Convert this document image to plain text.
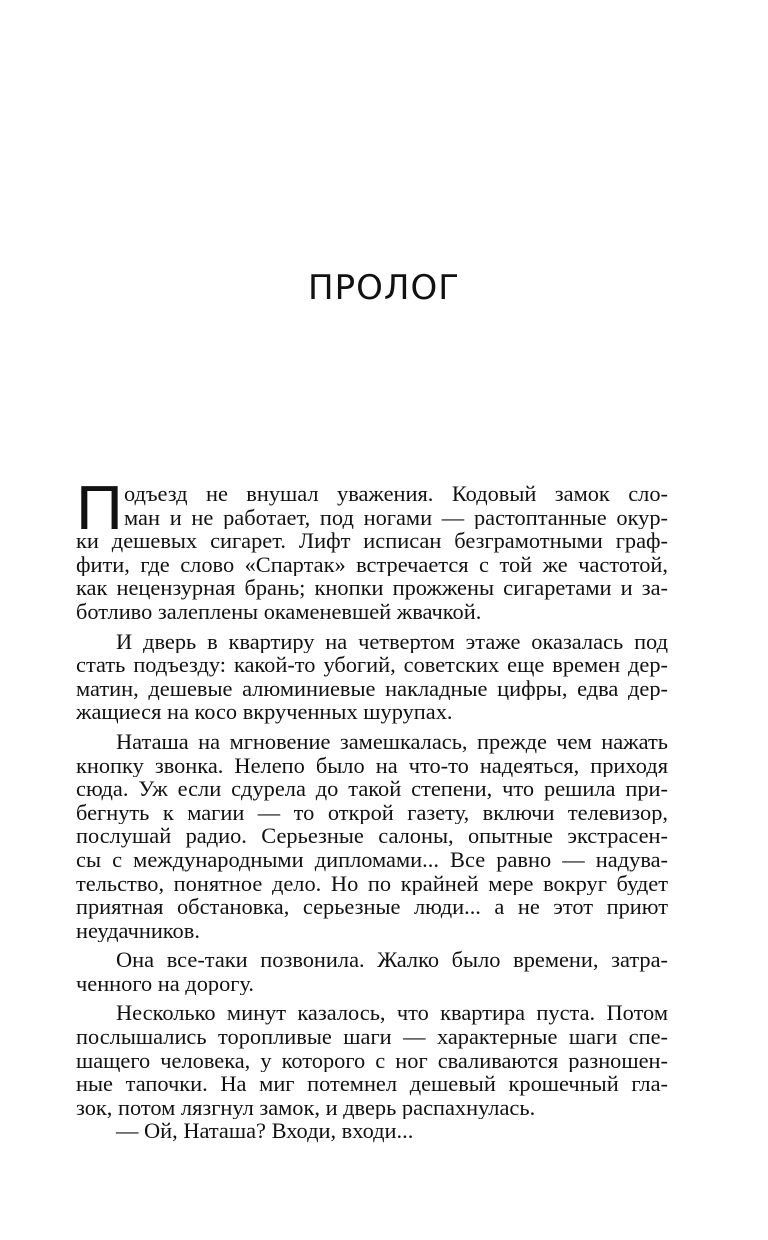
ПРОЛОГ
П одъезд не внушал уважения. Кодовый замок сло-
ман и не работает, под ногами — растоптанные окур-
ки дешевых сигарет. Лифт исписан безграмотными граф-
фити, где слово «Спартак» встречается с той же частотой,
как нецензурная брань; кнопки прожжены сигаретами и за-
ботливо залеплены окаменевшей жвачкой.
И дверь в квартиру на четвертом этаже оказалась под
стать подъезду: какой-то убогий, советских еще времен дер-
матин, дешевые алюминиевые накладные цифры, едва дер-
жащиеся на косо вкрученных шурупах.
Наташа на мгновение замешкалась, прежде чем нажать
кнопку звонка. Нелепо было на что-то надеяться, приходя
сюда. Уж если сдурела до такой степени, что решила при-
бегнуть к магии — то открой газету, включи телевизор,
послушай радио. Серьезные салоны, опытные экстрасен-
сы с международными дипломами... Все равно — надува-
тельство, понятное дело. Но по крайней мере вокруг будет
приятная обстановка, серьезные люди... а не этот приют
неудачников.
Она все-таки позвонила. Жалко было времени, затра-
ченного на дорогу.
Несколько минут казалось, что квартира пуста. Потом
послышались торопливые шаги — характерные шаги спе-
шащего человека, у которого с ног сваливаются разношен-
ные тапочки. На миг потемнел дешевый крошечный гла-
зок, потом лязгнул замок, и дверь распахнулась.
— Ой, Наташа? Входи, входи...
